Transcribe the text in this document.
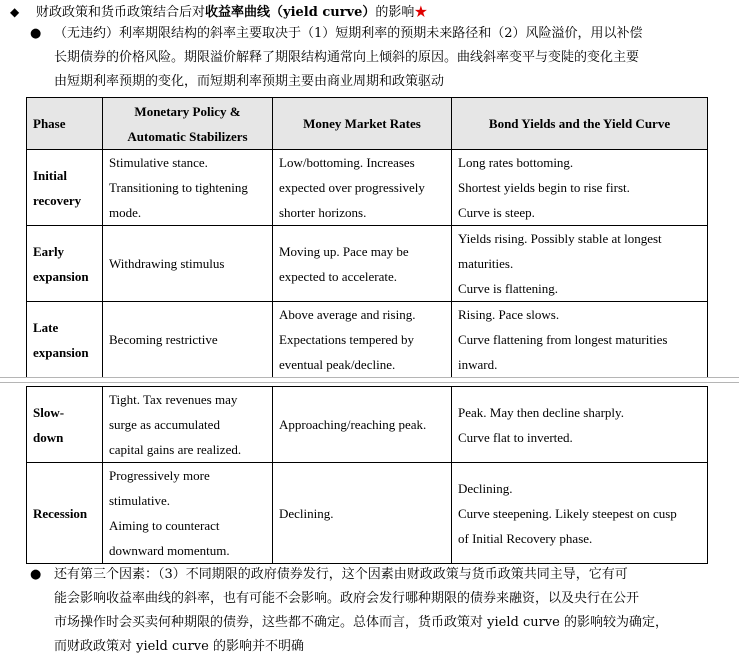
◆ 财政政策和货币政策结合后对收益率曲线（yield curve）的影响★
● （无违约）利率期限结构的斜率主要取决于（1）短期利率的预期未来路径和（2）风险溢价，用以补偿

长期债券的价格风险。期限溢价解释了期限结构通常向上倾斜的原因。曲线斜率变平与变陡的变化主要

由短期利率预期的变化，而短期利率预期主要由商业周期和政策驱动

Phase	Monetary Policy & Automatic Stabilizers	Money Market Rates	Bond Yields and the Yield Curve

Initial
recovery	Stimulative stance.
Transitioning to tightening
mode.	Low/bottoming. Increases
expected over progressively
shorter horizons.	Long rates bottoming.
Shortest yields begin to rise first.
Curve is steep.

Early
expansion	Withdrawing stimulus	Moving up. Pace may be
expected to accelerate.	Yields rising. Possibly stable at longest
maturities.
Curve is flattening.

Late
expansion	Becoming restrictive	Above average and rising.
Expectations tempered by
eventual peak/decline.	Rising. Pace slows.
Curve flattening from longest maturities
inward.
Slow-
down	Tight. Tax revenues may
surge as accumulated
capital gains are realized.	Approaching/reaching peak.	Peak. May then decline sharply.
Curve flat to inverted.

Recession	Progressively more
stimulative.
Aiming to counteract
downward momentum.	Declining.	Declining.
Curve steepening. Likely steepest on cusp
of Initial Recovery phase.
● 还有第三个因素：（3）不同期限的政府债券发行，这个因素由财政政策与货币政策共同主导，它有可

能会影响收益率曲线的斜率，也有可能不会影响。政府会发行哪种期限的债券来融资，以及央行在公开

市场操作时会买卖何种期限的债券，这些都不确定。总体而言，货币政策对 yield curve 的影响较为确定，

而财政政策对 yield curve 的影响并不明确
